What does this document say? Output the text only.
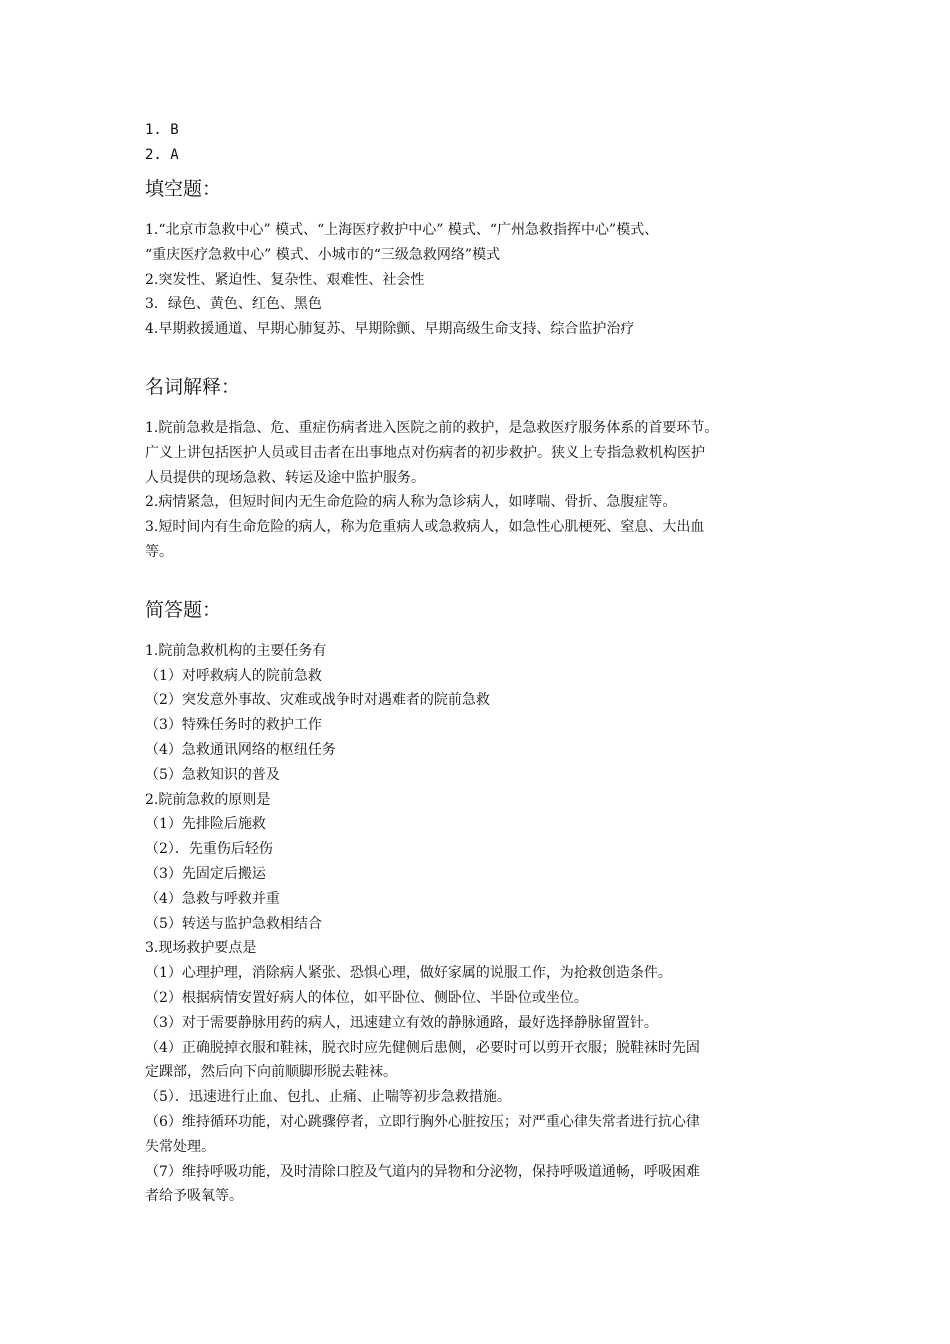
1. B

2. A

填空题：

1.“北京市急救中心” 模式、“上海医疗救护中心” 模式、“广州急救指挥中心”模式、

“重庆医疗急救中心” 模式、小城市的“三级急救网络”模式

2.突发性、紧迫性、复杂性、艰难性、社会性

3．绿色、黄色、红色、黑色

4.早期救援通道、早期心肺复苏、早期除颤、早期高级生命支持、综合监护治疗

名词解释：

1.院前急救是指急、危、重症伤病者进入医院之前的救护，是急救医疗服务体系的首要环节。

广义上讲包括医护人员或目击者在出事地点对伤病者的初步救护。狭义上专指急救机构医护

人员提供的现场急救、转运及途中监护服务。

2.病情紧急，但短时间内无生命危险的病人称为急诊病人，如哮喘、骨折、急腹症等。

3.短时间内有生命危险的病人，称为危重病人或急救病人，如急性心肌梗死、窒息、大出血

等。

简答题：

1.院前急救机构的主要任务有

（1）对呼救病人的院前急救

（2）突发意外事故、灾难或战争时对遇难者的院前急救

（3）特殊任务时的救护工作

（4）急救通讯网络的枢纽任务

（5）急救知识的普及

2.院前急救的原则是

（1）先排险后施救

（2）．先重伤后轻伤

（3）先固定后搬运

（4）急救与呼救并重

（5）转送与监护急救相结合

3.现场救护要点是

（1）心理护理，消除病人紧张、恐惧心理，做好家属的说服工作，为抢救创造条件。

（2）根据病情安置好病人的体位，如平卧位、侧卧位、半卧位或坐位。

（3）对于需要静脉用药的病人，迅速建立有效的静脉通路，最好选择静脉留置针。

（4）正确脱掉衣服和鞋袜，脱衣时应先健侧后患侧，必要时可以剪开衣服；脱鞋袜时先固

定踝部，然后向下向前顺脚形脱去鞋袜。

（5）．迅速进行止血、包扎、止痛、止喘等初步急救措施。

（6）维持循环功能，对心跳骤停者，立即行胸外心脏按压；对严重心律失常者进行抗心律

失常处理。

（7）维持呼吸功能，及时清除口腔及气道内的异物和分泌物，保持呼吸道通畅，呼吸困难

者给予吸氧等。
